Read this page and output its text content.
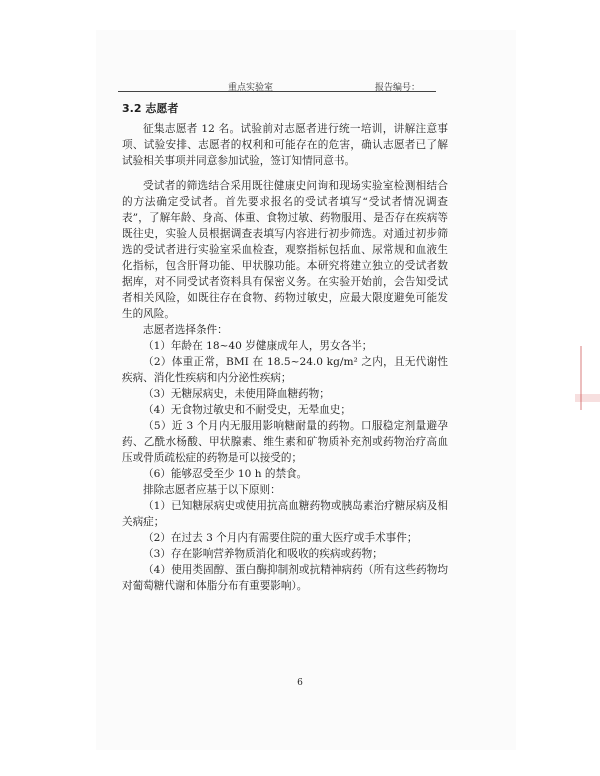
重点实验室	报告编号：
3.2 志愿者

征集志愿者 12 名。试验前对志愿者进行统一培训，讲解注意事项、试验安排、志愿者的权利和可能存在的危害，确认志愿者已了解试验相关事项并同意参加试验，签订知情同意书。

受试者的筛选结合采用既往健康史问询和现场实验室检测相结合的方法确定受试者。首先要求报名的受试者填写“受试者情况调查表”，了解年龄、身高、体重、食物过敏、药物服用、是否存在疾病等既往史，实验人员根据调查表填写内容进行初步筛选。对通过初步筛选的受试者进行实验室采血检查，观察指标包括血、尿常规和血液生化指标，包含肝肾功能、甲状腺功能。本研究将建立独立的受试者数据库，对不同受试者资料具有保密义务。在实验开始前，会告知受试者相关风险，如既往存在食物、药物过敏史，应最大限度避免可能发生的风险。

志愿者选择条件：

（1）年龄在 18~40 岁健康成年人，男女各半；

（2）体重正常，BMI 在 18.5~24.0 kg/m² 之内，且无代谢性疾病、消化性疾病和内分泌性疾病；

（3）无糖尿病史，未使用降血糖药物；

（4）无食物过敏史和不耐受史，无晕血史；

（5）近 3 个月内无服用影响糖耐量的药物。口服稳定剂量避孕药、乙酰水杨酸、甲状腺素、维生素和矿物质补充剂或药物治疗高血压或骨质疏松症的药物是可以接受的；

（6）能够忍受至少 10 h 的禁食。

排除志愿者应基于以下原则：

（1）已知糖尿病史或使用抗高血糖药物或胰岛素治疗糖尿病及相关病症；

（2）在过去 3 个月内有需要住院的重大医疗或手术事件；

（3）存在影响营养物质消化和吸收的疾病或药物；

（4）使用类固醇、蛋白酶抑制剂或抗精神病药（所有这些药物均对葡萄糖代谢和体脂分布有重要影响）。

6
